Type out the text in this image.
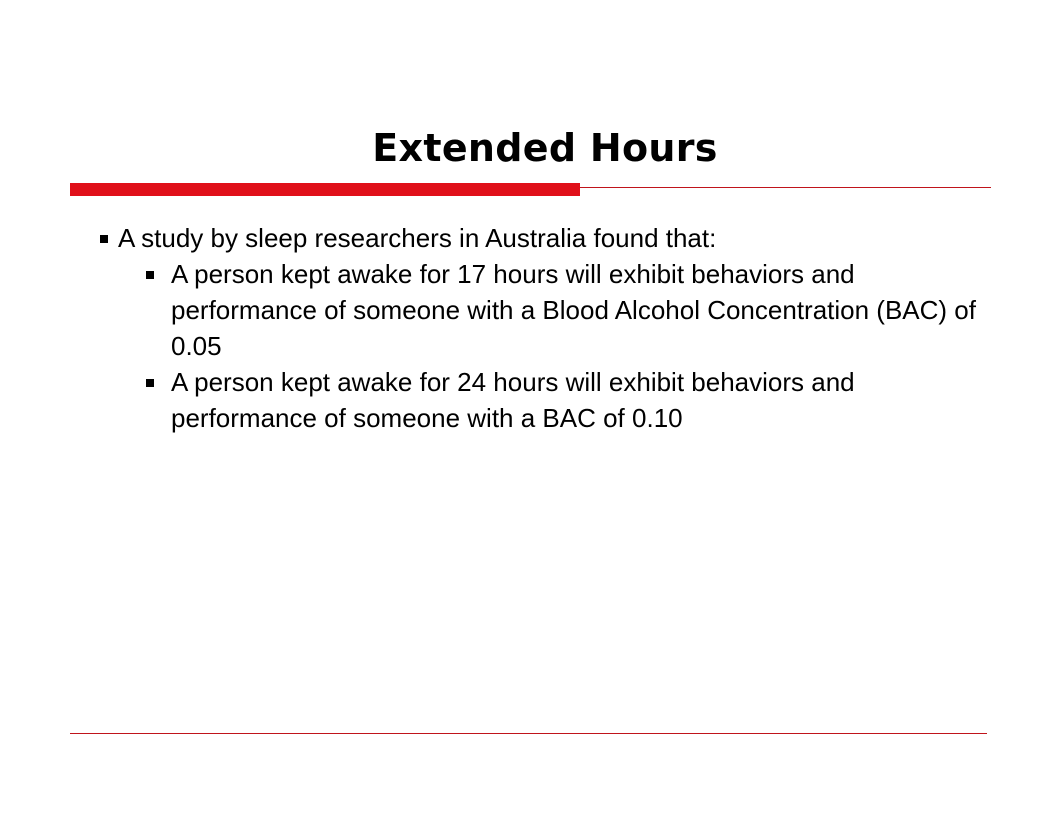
Extended Hours
A study by sleep researchers in Australia found that:
A person kept awake for 17 hours will exhibit behaviors and performance of someone with a Blood Alcohol Concentration (BAC) of 0.05
A person kept awake for 24 hours will exhibit behaviors and performance of someone with a BAC of 0.10
